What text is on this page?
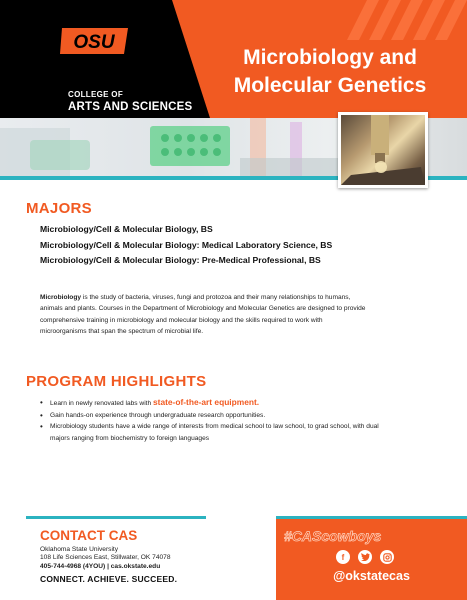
OSU
COLLEGE OF
ARTS AND SCIENCES
Microbiology and
Molecular Genetics
MAJORS
Microbiology/Cell & Molecular Biology, BS
Microbiology/Cell & Molecular Biology: Medical Laboratory Science, BS
Microbiology/Cell & Molecular Biology: Pre-Medical Professional, BS

Microbiology is the study of bacteria, viruses, fungi and protozoa and their many relationships to humans, animals and plants. Courses in the Department of Microbiology and Molecular Genetics are designed to provide comprehensive training in microbiology and molecular biology and the skills required to work with microorganisms that span the spectrum of microbial life.

PROGRAM HIGHLIGHTS
• Learn in newly renovated labs with state-of-the-art equipment.
• Gain hands-on experience through undergraduate research opportunities.
• Microbiology students have a wide range of interests from medical school to law school, to grad school, with dual majors ranging from biochemistry to foreign languages
CONTACT CAS
Oklahoma State University
108 Life Sciences East, Stillwater, OK 74078
405-744-4968 (4YOU) | cas.okstate.edu
CONNECT. ACHIEVE. SUCCEED.
#CAScowboys
f
@okstatecas
